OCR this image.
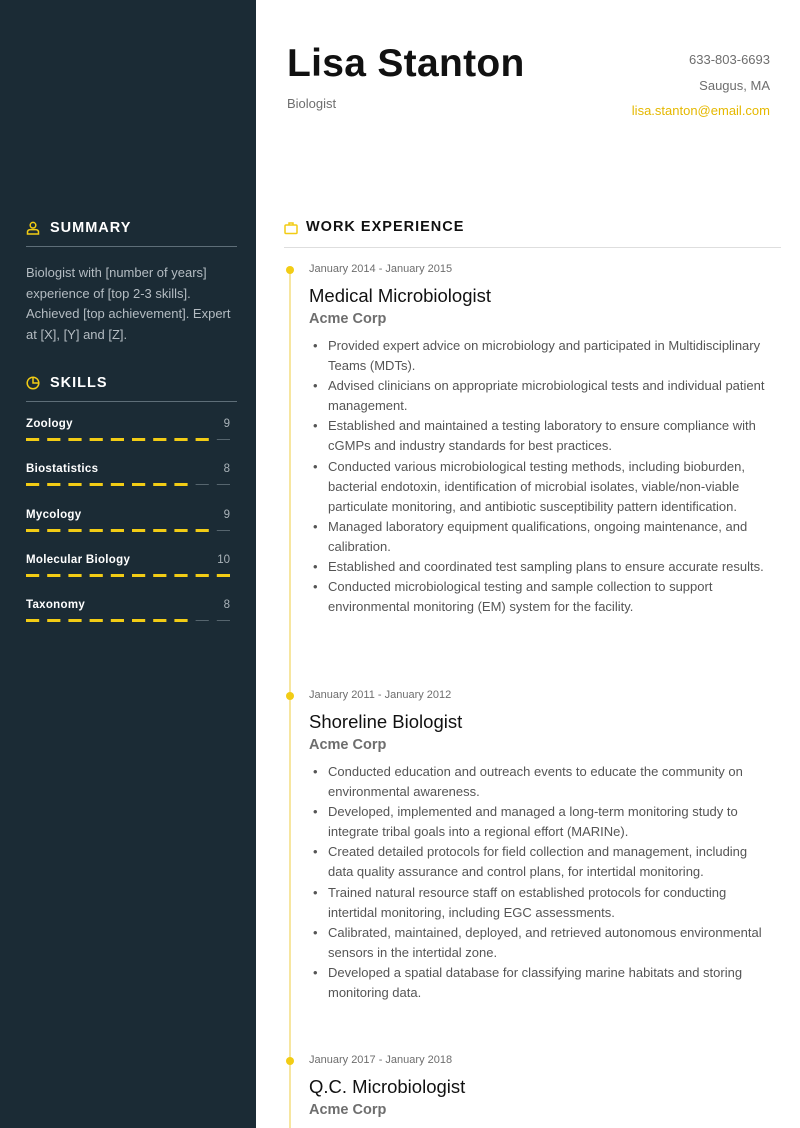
SUMMARY
Biologist with [number of years] experience of [top 2-3 skills]. Achieved [top achievement]. Expert at [X], [Y] and [Z].
SKILLS
Zoology	9
Biostatistics	8
Mycology	9
Molecular Biology	10
Taxonomy	8
Lisa Stanton
Biologist
633-803-6693
Saugus, MA
lisa.stanton@email.com
WORK EXPERIENCE
January 2014 - January 2015
Medical Microbiologist
Acme Corp
• Provided expert advice on microbiology and participated in Multidisciplinary Teams (MDTs).
• Advised clinicians on appropriate microbiological tests and individual patient management.
• Established and maintained a testing laboratory to ensure compliance with cGMPs and industry standards for best practices.
• Conducted various microbiological testing methods, including bioburden, bacterial endotoxin, identification of microbial isolates, viable/non-viable particulate monitoring, and antibiotic susceptibility pattern identification.
• Managed laboratory equipment qualifications, ongoing maintenance, and calibration.
• Established and coordinated test sampling plans to ensure accurate results.
• Conducted microbiological testing and sample collection to support environmental monitoring (EM) system for the facility.
January 2011 - January 2012
Shoreline Biologist
Acme Corp
• Conducted education and outreach events to educate the community on environmental awareness.
• Developed, implemented and managed a long-term monitoring study to integrate tribal goals into a regional effort (MARINe).
• Created detailed protocols for field collection and management, including data quality assurance and control plans, for intertidal monitoring.
• Trained natural resource staff on established protocols for conducting intertidal monitoring, including EGC assessments.
• Calibrated, maintained, deployed, and retrieved autonomous environmental sensors in the intertidal zone.
• Developed a spatial database for classifying marine habitats and storing monitoring data.
January 2017 - January 2018
Q.C. Microbiologist
Acme Corp
